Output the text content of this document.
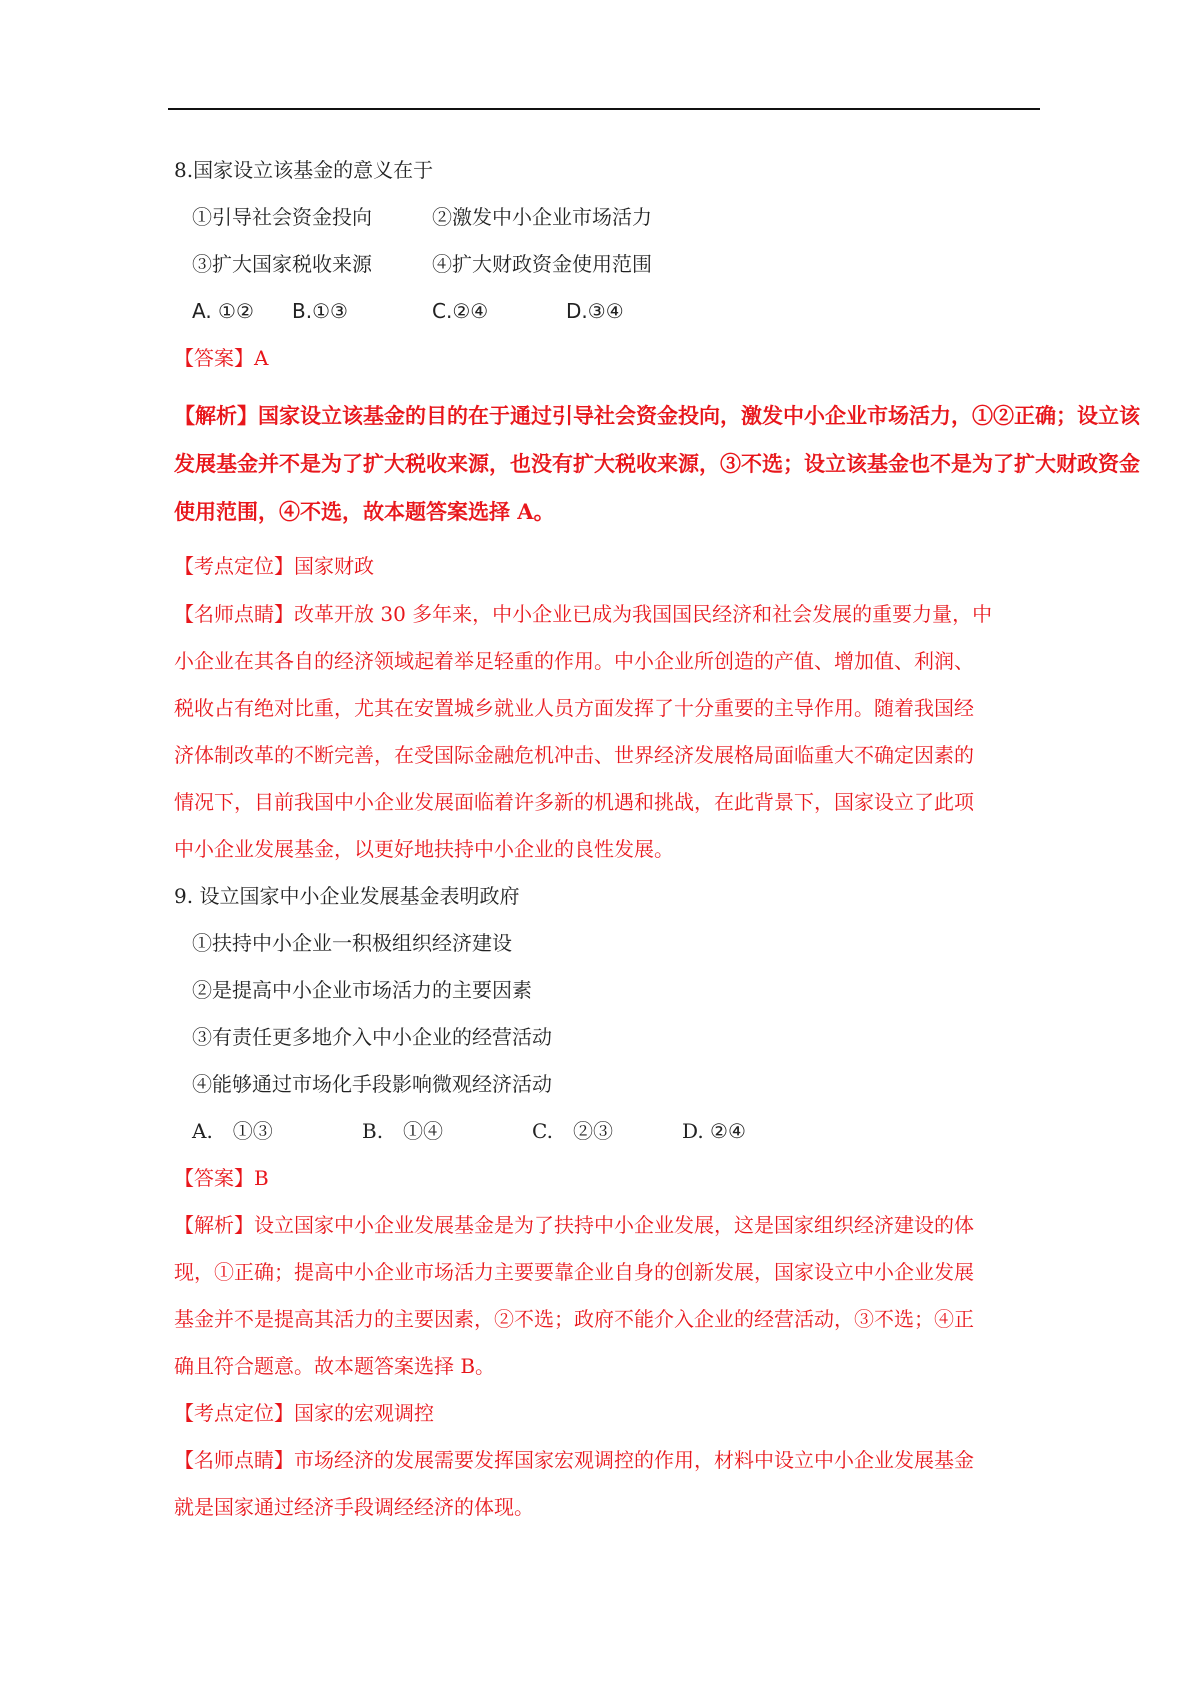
8.国家设立该基金的意义在于
①引导社会资金投向	②激发中小企业市场活力
③扩大国家税收来源	④扩大财政资金使用范围
A. ①② B.①③	C.②④	D.③④
【答案】A
【解析】国家设立该基金的目的在于通过引导社会资金投向，激发中小企业市场活力，①②正确；设立该
发展基金并不是为了扩大税收来源，也没有扩大税收来源，③不选；设立该基金也不是为了扩大财政资金
使用范围，④不选，故本题答案选择 A。
【考点定位】国家财政
【名师点睛】改革开放 30 多年来，中小企业已成为我国国民经济和社会发展的重要力量，中
小企业在其各自的经济领域起着举足轻重的作用。中小企业所创造的产值、增加值、利润、
税收占有绝对比重，尤其在安置城乡就业人员方面发挥了十分重要的主导作用。随着我国经
济体制改革的不断完善，在受国际金融危机冲击、世界经济发展格局面临重大不确定因素的
情况下，目前我国中小企业发展面临着许多新的机遇和挑战，在此背景下，国家设立了此项
中小企业发展基金，以更好地扶持中小企业的良性发展。
9. 设立国家中小企业发展基金表明政府
①扶持中小企业一积极组织经济建设
②是提高中小企业市场活力的主要因素
③有责任更多地介入中小企业的经营活动
④能够通过市场化手段影响微观经济活动
A.　①③	B.　①④	C.　②③	D. ②④
【答案】B
【解析】设立国家中小企业发展基金是为了扶持中小企业发展，这是国家组织经济建设的体
现，①正确；提高中小企业市场活力主要要靠企业自身的创新发展，国家设立中小企业发展
基金并不是提高其活力的主要因素，②不选；政府不能介入企业的经营活动，③不选；④正
确且符合题意。故本题答案选择 B。
【考点定位】国家的宏观调控
【名师点睛】市场经济的发展需要发挥国家宏观调控的作用，材料中设立中小企业发展基金
就是国家通过经济手段调经经济的体现。
